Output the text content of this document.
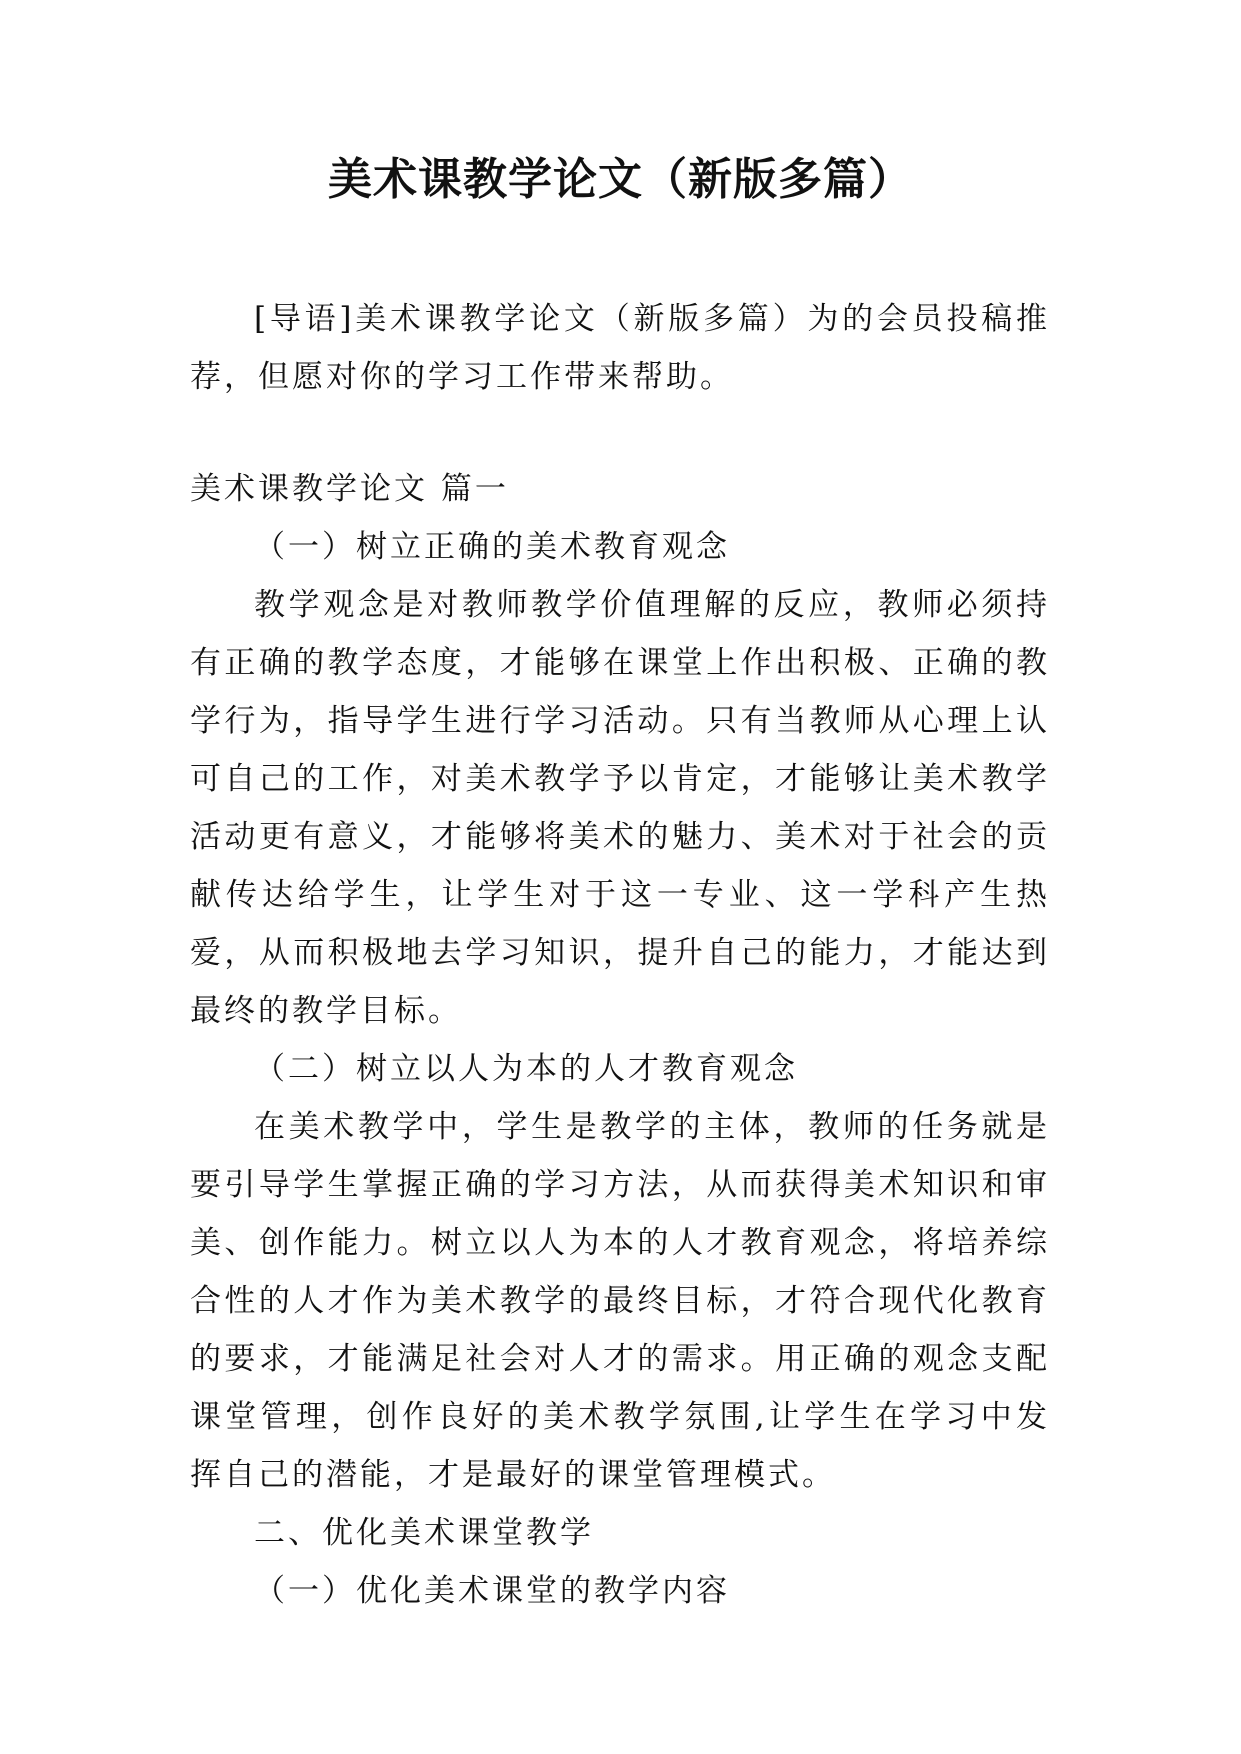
美术课教学论文（新版多篇）

[导语]美术课教学论文（新版多篇）为的会员投稿推荐，但愿对你的学习工作带来帮助。

美术课教学论文 篇一

（一）树立正确的美术教育观念

教学观念是对教师教学价值理解的反应，教师必须持有正确的教学态度，才能够在课堂上作出积极、正确的教学行为，指导学生进行学习活动。只有当教师从心理上认可自己的工作，对美术教学予以肯定，才能够让美术教学活动更有意义，才能够将美术的魅力、美术对于社会的贡献传达给学生，让学生对于这一专业、这一学科产生热爱，从而积极地去学习知识，提升自己的能力，才能达到最终的教学目标。

（二）树立以人为本的人才教育观念

在美术教学中，学生是教学的主体，教师的任务就是要引导学生掌握正确的学习方法，从而获得美术知识和审美、创作能力。树立以人为本的人才教育观念，将培养综合性的人才作为美术教学的最终目标，才符合现代化教育的要求，才能满足社会对人才的需求。用正确的观念支配课堂管理，创作良好的美术教学氛围,让学生在学习中发挥自己的潜能，才是最好的课堂管理模式。

二、优化美术课堂教学

（一）优化美术课堂的教学内容
